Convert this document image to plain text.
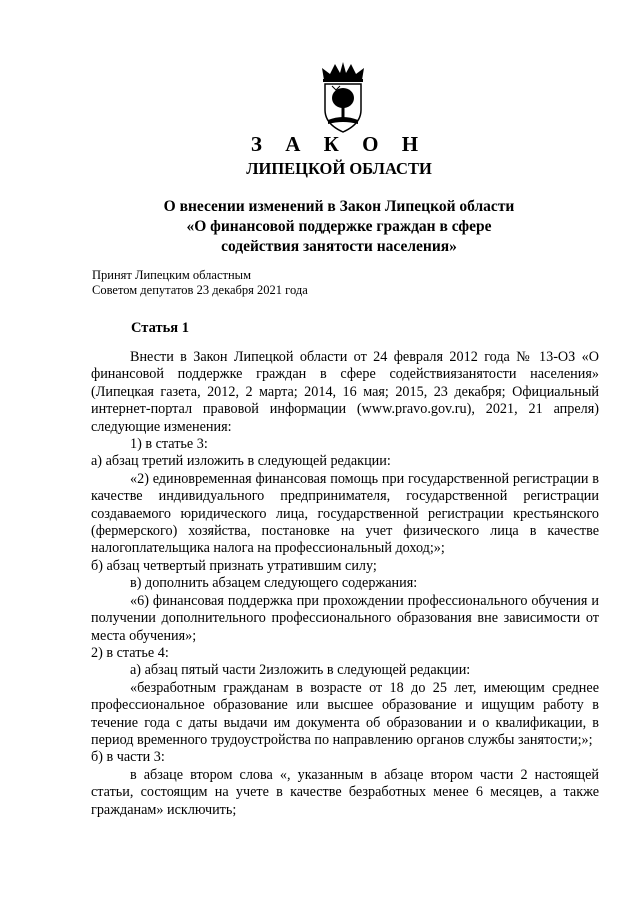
З А К О Н
ЛИПЕЦКОЙ ОБЛАСТИ
О внесении изменений в Закон Липецкой области
«О финансовой поддержке граждан в сфере
содействия занятости населения»
Принят Липецким областным
Советом депутатов 23 декабря 2021 года
Статья 1

Внести в Закон Липецкой области от 24 февраля 2012 года № 13-ОЗ «О финансовой поддержке граждан в сфере содействиязанятости населения» (Липецкая газета, 2012, 2 марта; 2014, 16 мая; 2015, 23 декабря; Официальный интернет-портал правовой информации (www.pravo.gov.ru), 2021, 21 апреля) следующие изменения:

1) в статье 3:

а) абзац третий изложить в следующей редакции:

«2) единовременная финансовая помощь при государственной регистрации в качестве индивидуального предпринимателя, государственной регистрации создаваемого юридического лица, государственной регистрации крестьянского (фермерского) хозяйства, постановке на учет физического лица в качестве налогоплательщика налога на профессиональный доход;»;

б) абзац четвертый признать утратившим силу;

в) дополнить абзацем следующего содержания:

«6) финансовая поддержка при прохождении профессионального обучения и получении дополнительного профессионального образования вне зависимости от места обучения»;

2) в статье 4:

а) абзац пятый части 2изложить в следующей редакции:

«безработным гражданам в возрасте от 18 до 25 лет, имеющим среднее профессиональное образование или высшее образование и ищущим работу в течение года с даты выдачи им документа об образовании и о квалификации, в период временного трудоустройства по направлению органов службы занятости;»;

б) в части 3:

в абзаце втором слова «, указанным в абзаце втором части 2 настоящей статьи, состоящим на учете в качестве безработных менее 6 месяцев, а также гражданам» исключить;
